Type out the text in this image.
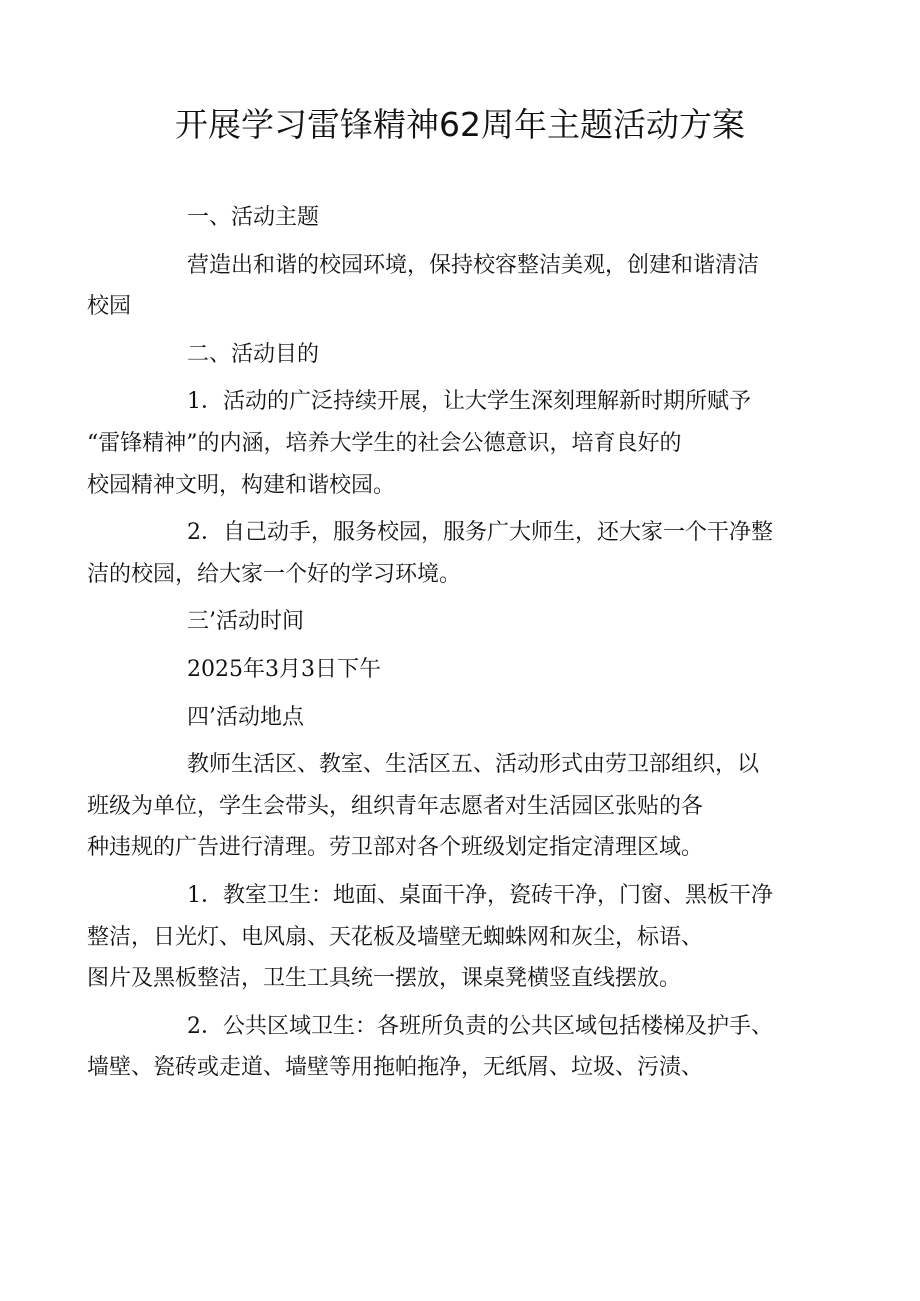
开展学习雷锋精神62周年主题活动方案
一、活动主题
营造出和谐的校园环境，保持校容整洁美观，创建和谐清洁
校园
二、活动目的
1．活动的广泛持续开展，让大学生深刻理解新时期所赋予
“雷锋精神”的内涵，培养大学生的社会公德意识，培育良好的
校园精神文明，构建和谐校园。
2．自己动手，服务校园，服务广大师生，还大家一个干净整
洁的校园，给大家一个好的学习环境。
三’活动时间
2025年3月3日下午
四’活动地点
教师生活区、教室、生活区五、活动形式由劳卫部组织，以
班级为单位，学生会带头，组织青年志愿者对生活园区张贴的各
种违规的广告进行清理。劳卫部对各个班级划定指定清理区域。
1．教室卫生：地面、桌面干净，瓷砖干净，门窗、黑板干净
整洁，日光灯、电风扇、天花板及墙壁无蜘蛛网和灰尘，标语、
图片及黑板整洁，卫生工具统一摆放，课桌凳横竖直线摆放。
2．公共区域卫生：各班所负责的公共区域包括楼梯及护手、
墙壁、瓷砖或走道、墙壁等用拖帕拖净，无纸屑、垃圾、污渍、
